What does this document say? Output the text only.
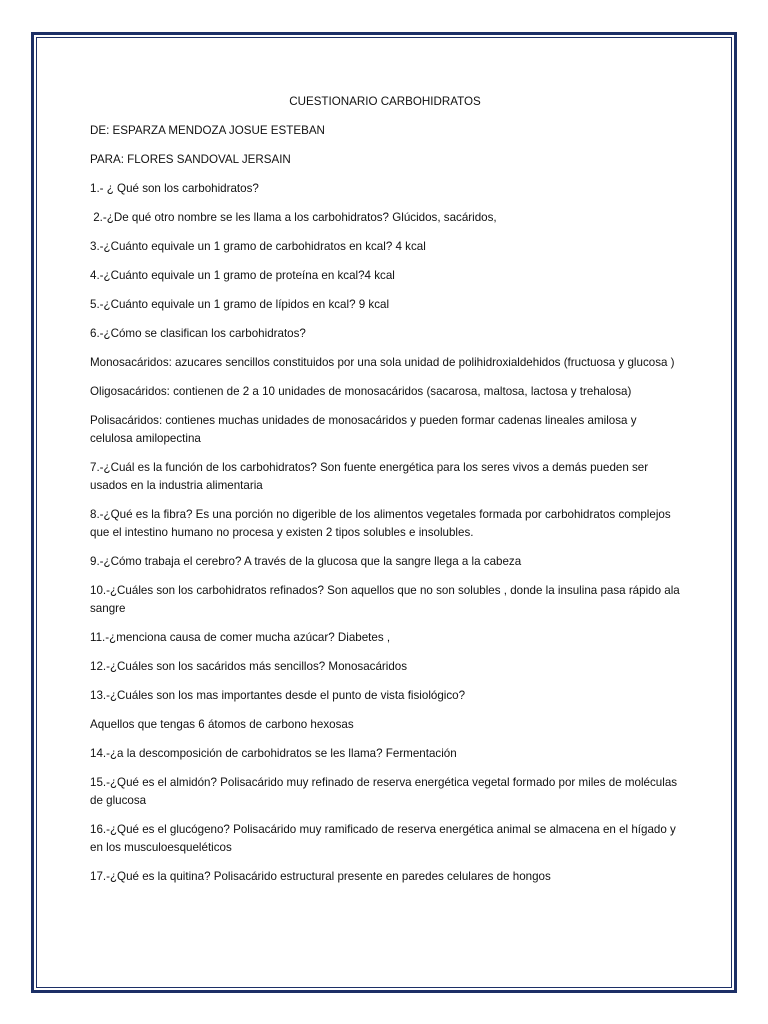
CUESTIONARIO CARBOHIDRATOS
DE: ESPARZA MENDOZA JOSUE ESTEBAN
PARA: FLORES SANDOVAL JERSAIN
1.- ¿ Qué son los carbohidratos?
2.-¿De qué otro nombre se les llama a los carbohidratos? Glúcidos, sacáridos,
3.-¿Cuánto equivale un 1 gramo de carbohidratos en kcal? 4 kcal
4.-¿Cuánto equivale un 1 gramo de proteína en kcal?4 kcal
5.-¿Cuánto equivale un 1 gramo de lípidos en kcal? 9 kcal
6.-¿Cómo se clasifican los carbohidratos?
Monosacáridos: azucares sencillos constituidos por una sola unidad de polihidroxialdehidos (fructuosa y glucosa )
Oligosacáridos: contienen de 2 a 10 unidades de monosacáridos (sacarosa, maltosa, lactosa y trehalosa)
Polisacáridos: contienes muchas unidades de monosacáridos y pueden formar cadenas lineales amilosa y celulosa amilopectina
7.-¿Cuál es la función de los carbohidratos? Son fuente energética para los seres vivos a demás pueden ser usados en la industria alimentaria
8.-¿Qué es la fibra? Es una porción no digerible de los alimentos vegetales formada por carbohidratos complejos que el intestino humano no procesa y existen 2 tipos solubles e insolubles.
9.-¿Cómo trabaja el cerebro? A través de la glucosa que la sangre llega a la cabeza
10.-¿Cuáles son los carbohidratos refinados? Son aquellos que no son solubles , donde la insulina pasa rápido ala sangre
11.-¿menciona causa de comer mucha azúcar? Diabetes ,
12.-¿Cuáles son los sacáridos más sencillos? Monosacáridos
13.-¿Cuáles son los mas importantes desde el punto de vista fisiológico?
Aquellos que tengas 6 átomos de carbono hexosas
14.-¿a la descomposición de carbohidratos se les llama? Fermentación
15.-¿Qué es el almidón? Polisacárido muy refinado de reserva energética vegetal formado por miles de moléculas de glucosa
16.-¿Qué es el glucógeno? Polisacárido muy ramificado de reserva energética animal se almacena en el hígado y en los musculoesqueléticos
17.-¿Qué es la quitina? Polisacárido estructural presente en paredes celulares de hongos
